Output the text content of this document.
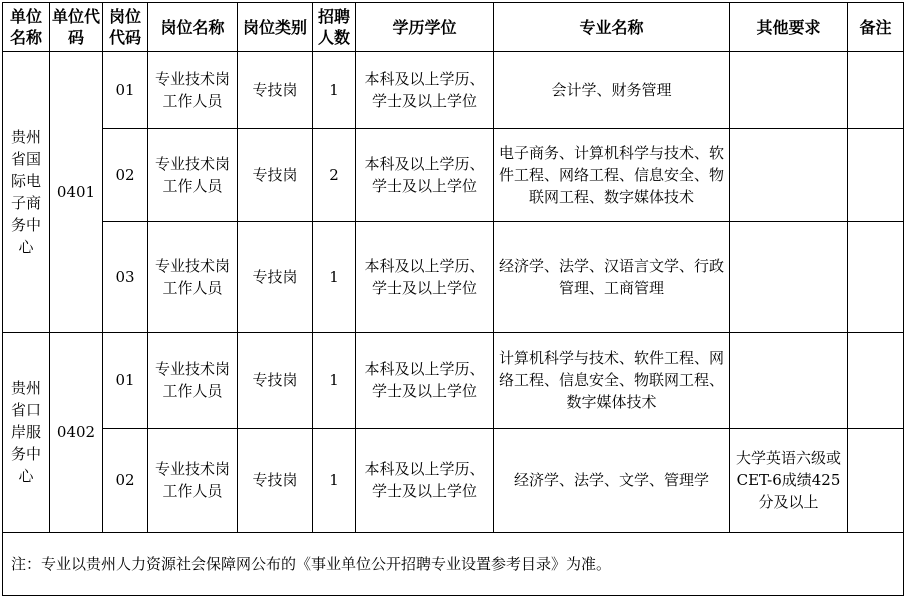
单位名称	单位代码	岗位代码	岗位名称	岗位类别	招聘人数	学历学位	专业名称	其他要求	备注
贵州省国际电子商务中心	0401	01	专业技术岗工作人员	专技岗	1	本科及以上学历、学士及以上学位	会计学、财务管理		
		02	专业技术岗工作人员	专技岗	2	本科及以上学历、学士及以上学位	电子商务、计算机科学与技术、软件工程、网络工程、信息安全、物联网工程、数字媒体技术		
		03	专业技术岗工作人员	专技岗	1	本科及以上学历、学士及以上学位	经济学、法学、汉语言文学、行政管理、工商管理		
贵州省口岸服务中心	0402	01	专业技术岗工作人员	专技岗	1	本科及以上学历、学士及以上学位	计算机科学与技术、软件工程、网络工程、信息安全、物联网工程、数字媒体技术		
		02	专业技术岗工作人员	专技岗	1	本科及以上学历、学士及以上学位	经济学、法学、文学、管理学	大学英语六级或CET-6成绩425分及以上	
注：专业以贵州人力资源社会保障网公布的《事业单位公开招聘专业设置参考目录》为准。									
